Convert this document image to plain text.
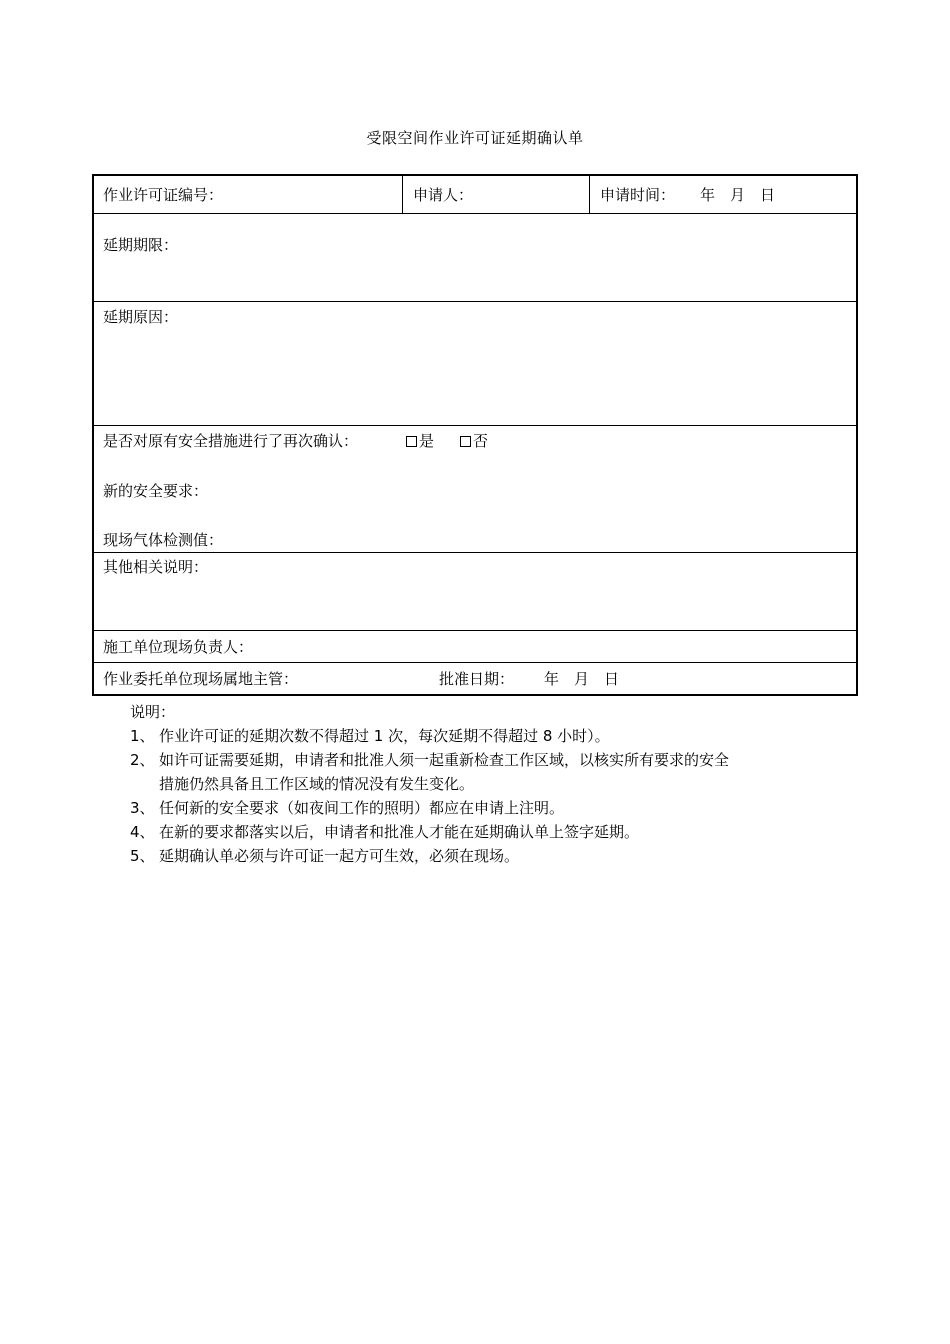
受限空间作业许可证延期确认单
作业许可证编号：	申请人：	申请时间： 年　月　日
延期期限：
延期原因：
是否对原有安全措施进行了再次确认：	是	否
新的安全要求：
现场气体检测值：
其他相关说明：
施工单位现场负责人：
作业委托单位现场属地主管：	批准日期： 年　月　日
说明：
1、 作业许可证的延期次数不得超过 1 次，每次延期不得超过 8 小时）。
2、 如许可证需要延期，申请者和批准人须一起重新检查工作区域，以核实所有要求的安全
措施仍然具备且工作区域的情况没有发生变化。
3、 任何新的安全要求（如夜间工作的照明）都应在申请上注明。
4、 在新的要求都落实以后，申请者和批准人才能在延期确认单上签字延期。
5、 延期确认单必须与许可证一起方可生效，必须在现场。
